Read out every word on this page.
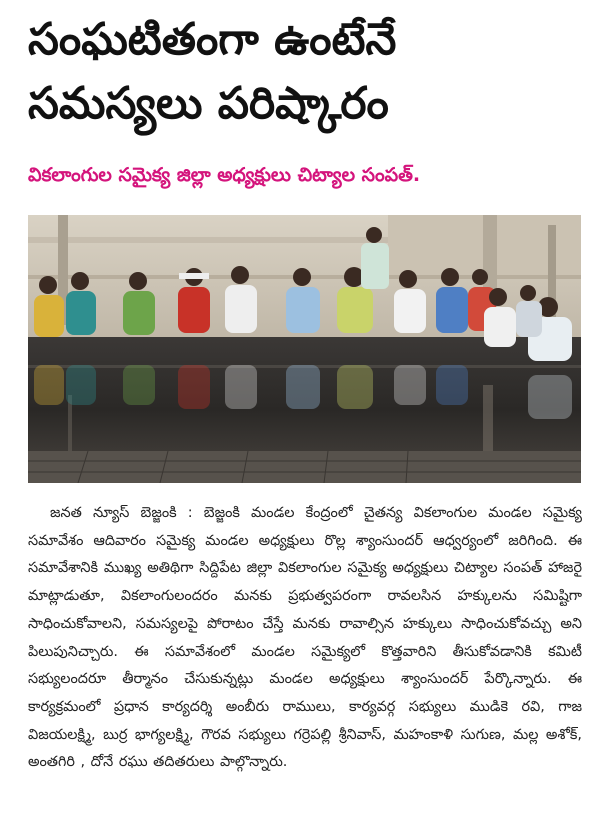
సంఘటితంగా ఉంటేనే
సమస్యలు పరిష్కారం
వికలాంగుల సమైక్య జిల్లా అధ్యక్షులు చిట్యాల సంపత్.

జనత న్యూస్ బెజ్జంకి : బెజ్జంకి మండల కేంద్రంలో చైతన్య వికలాంగుల మండల సమైక్య సమావేశం ఆదివారం సమైక్య మండల అధ్యక్షులు రొల్ల శ్యాంసుందర్ ఆధ్వర్యంలో జరిగింది. ఈ సమావేశానికి ముఖ్య అతిథిగా సిద్దిపేట జిల్లా వికలాంగుల సమైక్య అధ్యక్షులు చిట్యాల సంపత్ హాజరై మాట్లాడుతూ, వికలాంగులందరం మనకు ప్రభుత్వపరంగా రావలసిన హక్కులను సమిష్టిగా సాధించుకోవాలని, సమస్యలపై పోరాటం చేస్తే మనకు రావాల్సిన హక్కులు సాధించుకోవచ్చు అని పిలుపునిచ్చారు. ఈ సమావేశంలో మండల సమైక్యలో కొత్తవారిని తీసుకోవడానికి కమిటీ సభ్యులందరూ తీర్మానం చేసుకున్నట్లు మండల అధ్యక్షులు శ్యాంసుందర్ పేర్కొన్నారు. ఈ కార్యక్రమంలో ప్రధాన కార్యదర్శి అంబీరు రాములు, కార్యవర్గ సభ్యులు ముడికె రవి, గాజ విజయలక్ష్మి, బుర్ర భాగ్యలక్ష్మి, గౌరవ సభ్యులు గర్రెపల్లి శ్రీనివాస్, మహంకాళి సుగుణ, మల్ల అశోక్, అంతగిరి , దోనే రఘు తదితరులు పాల్గొన్నారు.
